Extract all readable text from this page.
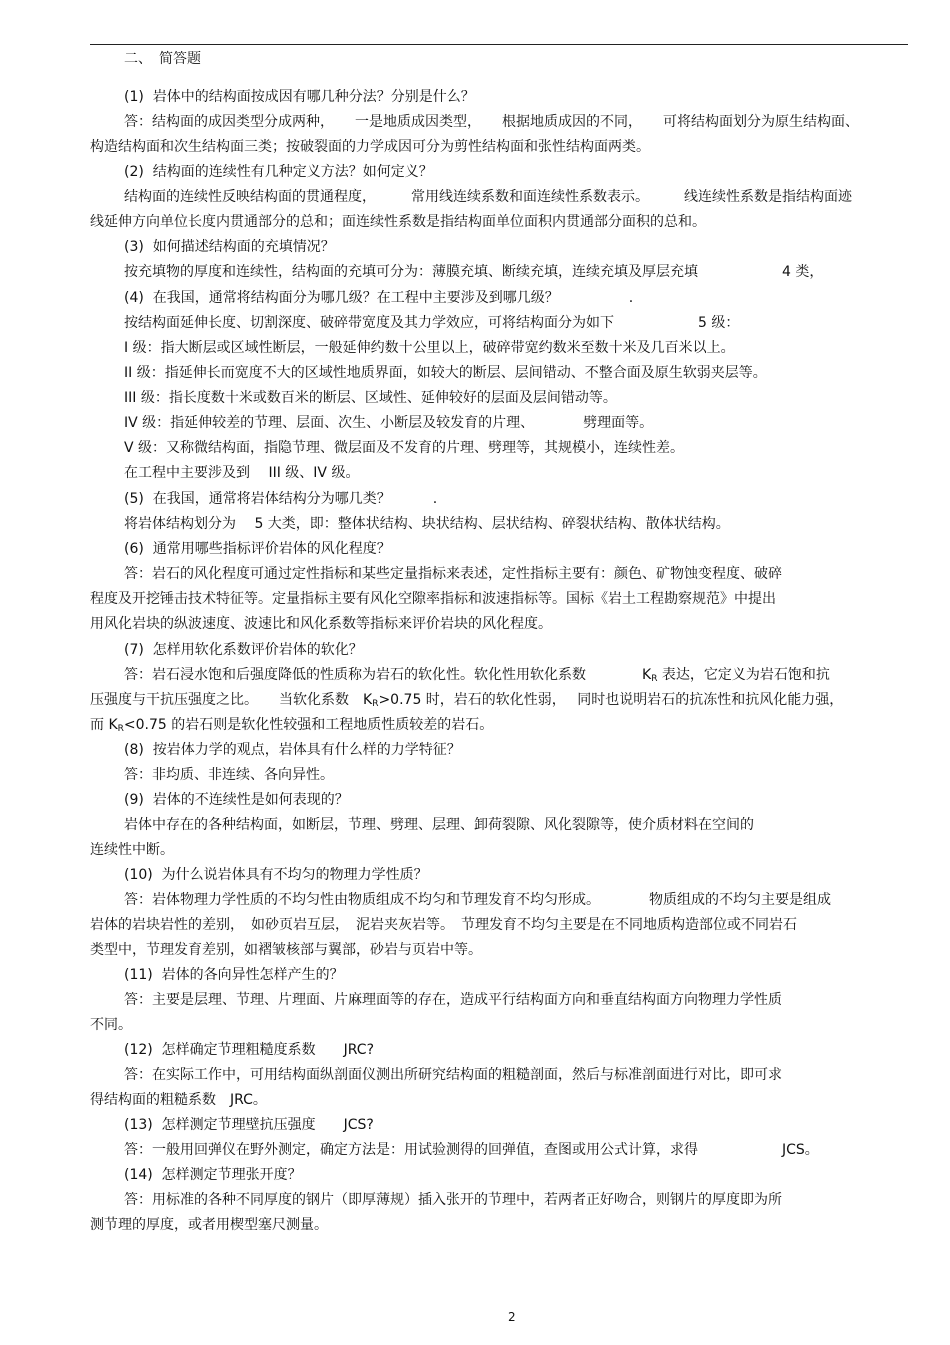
二、　简答题
(1)  岩体中的结构面按成因有哪几种分法？分别是什么？
答：结构面的成因类型分成两种，　　一是地质成因类型，　　根据地质成因的不同，　　可将结构面划分为原生结构面、
构造结构面和次生结构面三类；按破裂面的力学成因可分为剪性结构面和张性结构面两类。
(2)  结构面的连续性有几种定义方法？如何定义？
结构面的连续性反映结构面的贯通程度，　　　常用线连续系数和面连续性系数表示。　　　线连续性系数是指结构面迹
线延伸方向单位长度内贯通部分的总和；面连续性系数是指结构面单位面积内贯通部分面积的总和。
(3)  如何描述结构面的充填情况？
按充填物的厚度和连续性，结构面的充填可分为：薄膜充填、断续充填，连续充填及厚层充填　　　　　　4 类，
(4)  在我国，通常将结构面分为哪几级？在工程中主要涉及到哪几级？　　　　　.
按结构面延伸长度、切割深度、破碎带宽度及其力学效应，可将结构面分为如下　　　　　　5 级：
I 级：指大断层或区域性断层，一般延伸约数十公里以上，破碎带宽约数米至数十米及几百米以上。
II 级：指延伸长而宽度不大的区域性地质界面，如较大的断层、层间错动、不整合面及原生软弱夹层等。
III 级：指长度数十米或数百米的断层、区域性、延伸较好的层面及层间错动等。
IV 级：指延伸较差的节理、层面、次生、小断层及较发育的片理、　　　　劈理面等。
V 级：又称微结构面，指隐节理、微层面及不发育的片理、劈理等，其规模小，连续性差。
在工程中主要涉及到　 III 级、IV 级。
(5)  在我国，通常将岩体结构分为哪几类？　　　.
将岩体结构划分为　 5 大类，即：整体状结构、块状结构、层状结构、碎裂状结构、散体状结构。
(6)  通常用哪些指标评价岩体的风化程度？
答：岩石的风化程度可通过定性指标和某些定量指标来表述，定性指标主要有：颜色、矿物蚀变程度、破碎
程度及开挖锤击技术特征等。定量指标主要有风化空隙率指标和波速指标等。国标《岩土工程勘察规范》中提出
用风化岩块的纵波速度、波速比和风化系数等指标来评价岩块的风化程度。
(7)  怎样用软化系数评价岩体的软化？
答：岩石浸水饱和后强度降低的性质称为岩石的软化性。软化性用软化系数　　　　$K_R$ 表达，它定义为岩石饱和抗
压强度与干抗压强度之比。　　当软化系数　$K_R>0.75$ 时，岩石的软化性弱，　 同时也说明岩石的抗冻性和抗风化能力强，
而 $K_R<0.75$ 的岩石则是软化性较强和工程地质性质较差的岩石。
(8)  按岩体力学的观点，岩体具有什么样的力学特征？
答：非均质、非连续、各向异性。
(9)  岩体的不连续性是如何表现的？
岩体中存在的各种结构面，如断层，节理、劈理、层理、卸荷裂隙、风化裂隙等，使介质材料在空间的
连续性中断。
(10)  为什么说岩体具有不均匀的物理力学性质？
答：岩体物理力学性质的不均匀性由物质组成不均匀和节理发育不均匀形成。　　　　物质组成的不均匀主要是组成
岩体的岩块岩性的差别，　如砂页岩互层，　泥岩夹灰岩等。　节理发育不均匀主要是在不同地质构造部位或不同岩石
类型中，节理发育差别，如褶皱核部与翼部，砂岩与页岩中等。
(11)  岩体的各向异性怎样产生的？
答：主要是层理、节理、片理面、片麻理面等的存在，造成平行结构面方向和垂直结构面方向物理力学性质
不同。
(12)  怎样确定节理粗糙度系数　　JRC?
答：在实际工作中，可用结构面纵剖面仪测出所研究结构面的粗糙剖面，然后与标准剖面进行对比，即可求
得结构面的粗糙系数　JRC。
(13)  怎样测定节理壁抗压强度　　JCS?
答：一般用回弹仪在野外测定，确定方法是：用试验测得的回弹值，查图或用公式计算，求得　　　　　　JCS。
(14)  怎样测定节理张开度？
答：用标准的各种不同厚度的钢片（即厚薄规）插入张开的节理中，若两者正好吻合，则钢片的厚度即为所
测节理的厚度，或者用楔型塞尺测量。
2
